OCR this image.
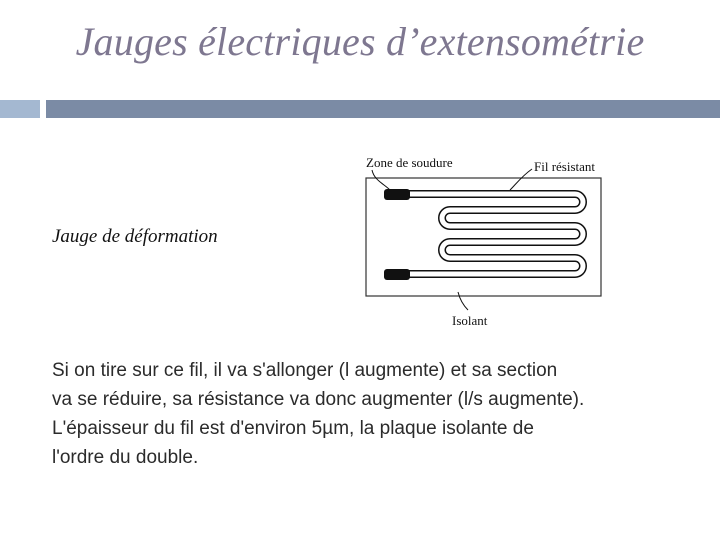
Jauges électriques d’extensométrie
Zone de soudure	Fil résistant
Isolant
Jauge de déformation
Si on tire sur ce fil, il va s'allonger (l augmente) et sa section
va se réduire, sa résistance va donc augmenter (l/s augmente).
L'épaisseur du fil est d'environ 5µm, la plaque isolante de
l'ordre du double.
